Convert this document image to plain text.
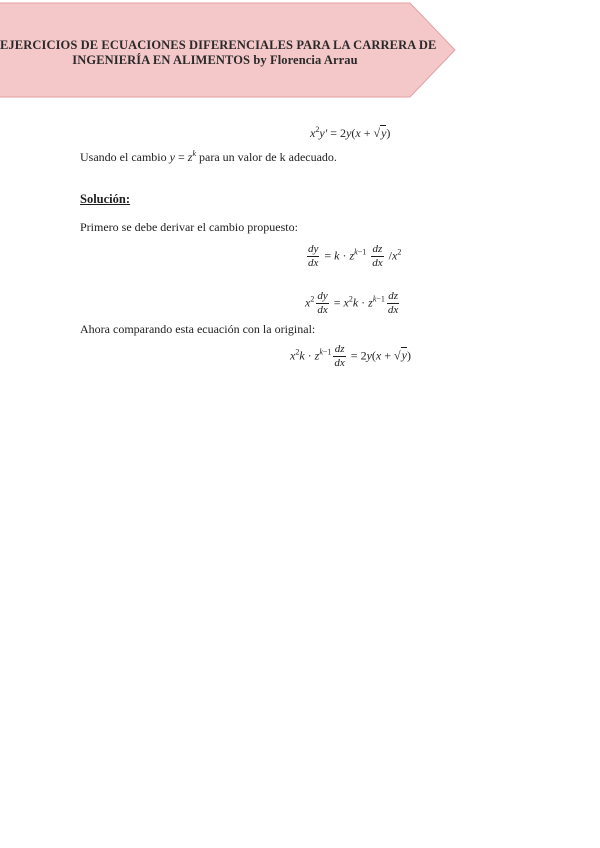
EJERCICIOS DE ECUACIONES DIFERENCIALES PARA LA CARRERA DE
INGENIERÍA EN ALIMENTOS by Florencia Arrau
$x^2y' = 2y(x + √y)$
Usando el cambio $y = z^k$ para un valor de k adecuado.
Solución:
Primero se debe derivar el cambio propuesto:
$\frac{dy}{dx} = k \cdot z^{k-1} \frac{dz}{dx} /x^2$
$x^2 \frac{dy}{dx} = x^2k \cdot z^{k-1} \frac{dz}{dx}$
Ahora comparando esta ecuación con la original:
$x^2k \cdot z^{k-1} \frac{dz}{dx} = 2y(x + √y)$
